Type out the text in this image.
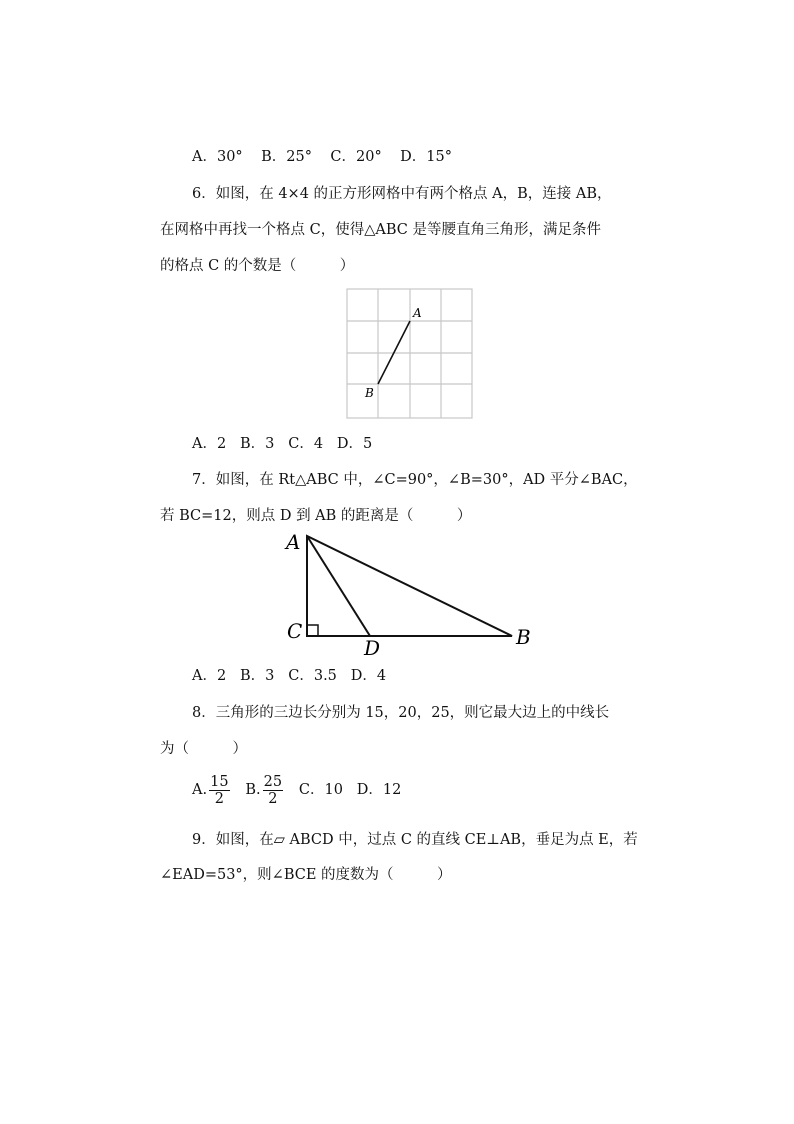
A．30° B．25° C．20° D．15°
6．如图，在 4×4 的正方形网格中有两个格点 A，B，连接 AB，
在网格中再找一个格点 C，使得△ABC 是等腰直角三角形，满足条件
的格点 C 的个数是（　　　）
A
B
A．2 B．3 C．4 D．5
7．如图，在 Rt△ABC 中，∠C=90°，∠B=30°，AD 平分∠BAC，
若 BC=12，则点 D 到 AB 的距离是（　　　）
A
C
D	B
A．2 B．3 C．3.5 D．4
8．三角形的三边长分别为 15，20，25，则它最大边上的中线长
为（　　　）
A. $\frac{15}{2} B$. $\frac{25}{2}$ C．10 D．12
9．如图，在▱ ABCD 中，过点 C 的直线 CE⊥AB，垂足为点 E，若
∠EAD=53°，则∠BCE 的度数为（　　　）
